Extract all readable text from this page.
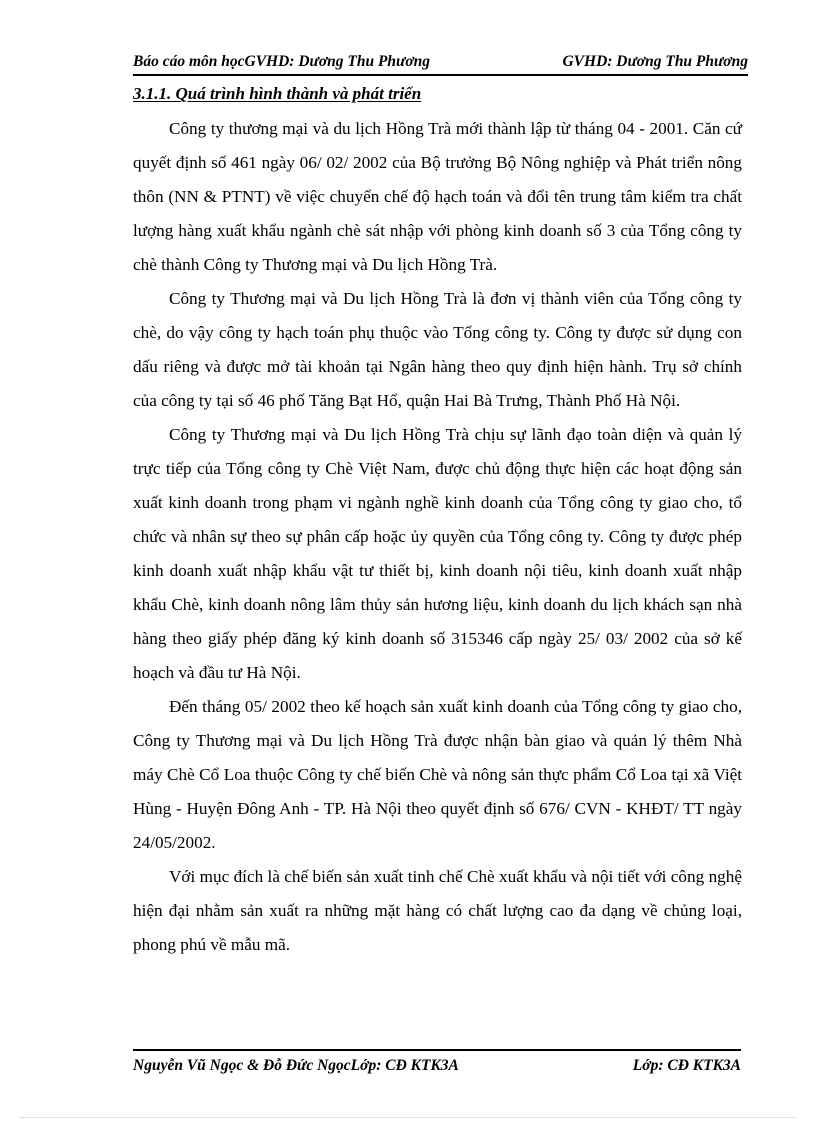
Báo cáo môn họcGVHD: Dương Thu Phương	GVHD: Dương Thu Phương
3.1.1. Quá trình hình thành và phát triển

Công ty thương mại và du lịch Hồng Trà mới thành lập từ tháng 04 - 2001. Căn cứ quyết định số 461 ngày 06/ 02/ 2002 của Bộ trưởng Bộ Nông nghiệp và Phát triển nông thôn (NN & PTNT) về việc chuyển chế độ hạch toán và đổi tên trung tâm kiểm tra chất lượng hàng xuất khẩu ngành chè sát nhập với phòng kinh doanh số 3 của Tổng công ty chè thành Công ty Thương mại và Du lịch Hồng Trà.

Công ty Thương mại và Du lịch Hồng Trà là đơn vị thành viên của Tổng công ty chè, do vậy công ty hạch toán phụ thuộc vào Tổng công ty. Công ty được sử dụng con dấu riêng và được mở tài khoản tại Ngân hàng theo quy định hiện hành. Trụ sở chính của công ty tại số 46 phố Tăng Bạt Hổ, quận Hai Bà Trưng, Thành Phố Hà Nội.

Công ty Thương mại và Du lịch Hồng Trà chịu sự lãnh đạo toàn diện và quản lý trực tiếp của Tổng công ty Chè Việt Nam, được chủ động thực hiện các hoạt động sản xuất kinh doanh trong phạm vi ngành nghề kinh doanh của Tổng công ty giao cho, tổ chức và nhân sự theo sự phân cấp hoặc ủy quyền của Tổng công ty. Công ty được phép kinh doanh xuất nhập khẩu vật tư thiết bị, kinh doanh nội tiêu, kinh doanh xuất nhập khẩu Chè, kinh doanh nông lâm thủy sản hương liệu, kinh doanh du lịch khách sạn nhà hàng theo giấy phép đăng ký kinh doanh số 315346 cấp ngày 25/ 03/ 2002 của sở kế hoạch và đầu tư Hà Nội.

Đến tháng 05/ 2002 theo kế hoạch sản xuất kinh doanh của Tổng công ty giao cho, Công ty Thương mại và Du lịch Hồng Trà được nhận bàn giao và quản lý thêm Nhà máy Chè Cổ Loa thuộc Công ty chế biến Chè và nông sản thực phẩm Cổ Loa tại xã Việt Hùng - Huyện Đông Anh - TP. Hà Nội theo quyết định số 676/ CVN - KHĐT/ TT ngày 24/05/2002.

Với mục đích là chế biến sản xuất tinh chế Chè xuất khẩu và nội tiết với công nghệ hiện đại nhằm sản xuất ra những mặt hàng có chất lượng cao đa dạng về chủng loại, phong phú về mẫu mã.

Nguyễn Vũ Ngọc & Đỗ Đức NgọcLớp: CĐ KTK3A	Lớp: CĐ KTK3A
